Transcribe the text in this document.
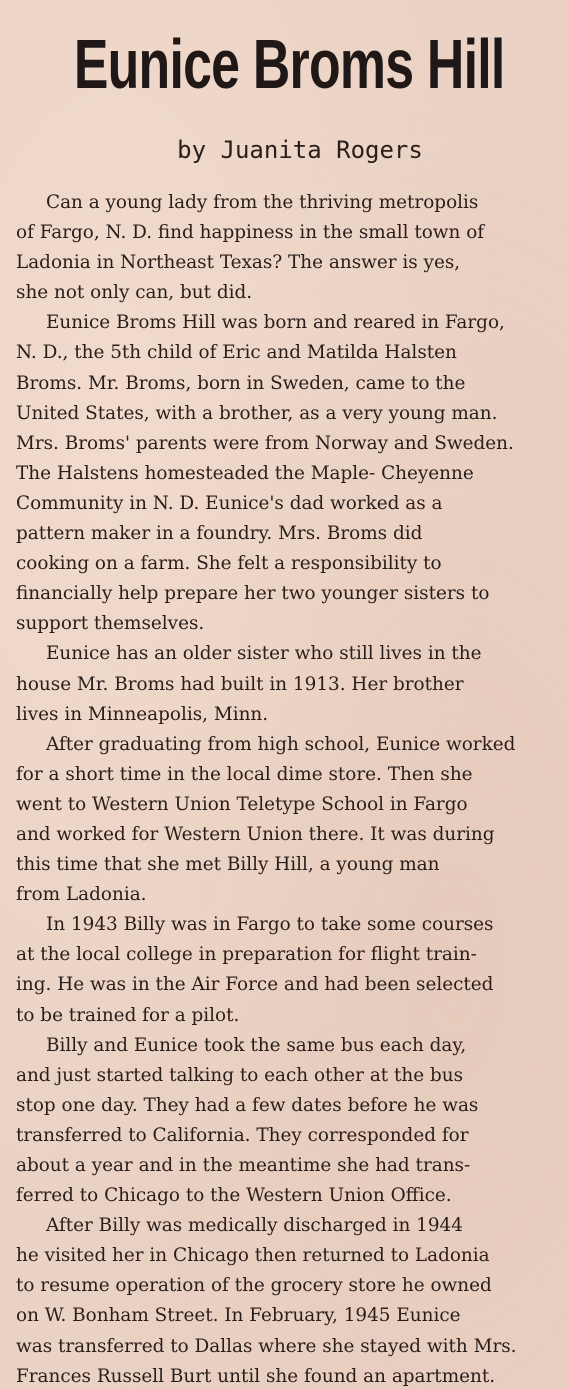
Eunice Broms Hill
by Juanita Rogers
Can a young lady from the thriving metropolis
of Fargo, N. D. find happiness in the small town of
Ladonia in Northeast Texas? The answer is yes,
she not only can, but did.
Eunice Broms Hill was born and reared in Fargo,
N. D., the 5th child of Eric and Matilda Halsten
Broms. Mr. Broms, born in Sweden, came to the
United States, with a brother, as a very young man.
Mrs. Broms' parents were from Norway and Sweden.
The Halstens homesteaded the Maple- Cheyenne
Community in N. D. Eunice's dad worked as a
pattern maker in a foundry. Mrs. Broms did
cooking on a farm. She felt a responsibility to
financially help prepare her two younger sisters to
support themselves.
Eunice has an older sister who still lives in the
house Mr. Broms had built in 1913. Her brother
lives in Minneapolis, Minn.
After graduating from high school, Eunice worked
for a short time in the local dime store. Then she
went to Western Union Teletype School in Fargo
and worked for Western Union there. It was during
this time that she met Billy Hill, a young man
from Ladonia.
In 1943 Billy was in Fargo to take some courses
at the local college in preparation for flight train-
ing. He was in the Air Force and had been selected
to be trained for a pilot.
Billy and Eunice took the same bus each day,
and just started talking to each other at the bus
stop one day. They had a few dates before he was
transferred to California. They corresponded for
about a year and in the meantime she had trans-
ferred to Chicago to the Western Union Office.
After Billy was medically discharged in 1944
he visited her in Chicago then returned to Ladonia
to resume operation of the grocery store he owned
on W. Bonham Street. In February, 1945 Eunice
was transferred to Dallas where she stayed with Mrs.
Frances Russell Burt until she found an apartment.
